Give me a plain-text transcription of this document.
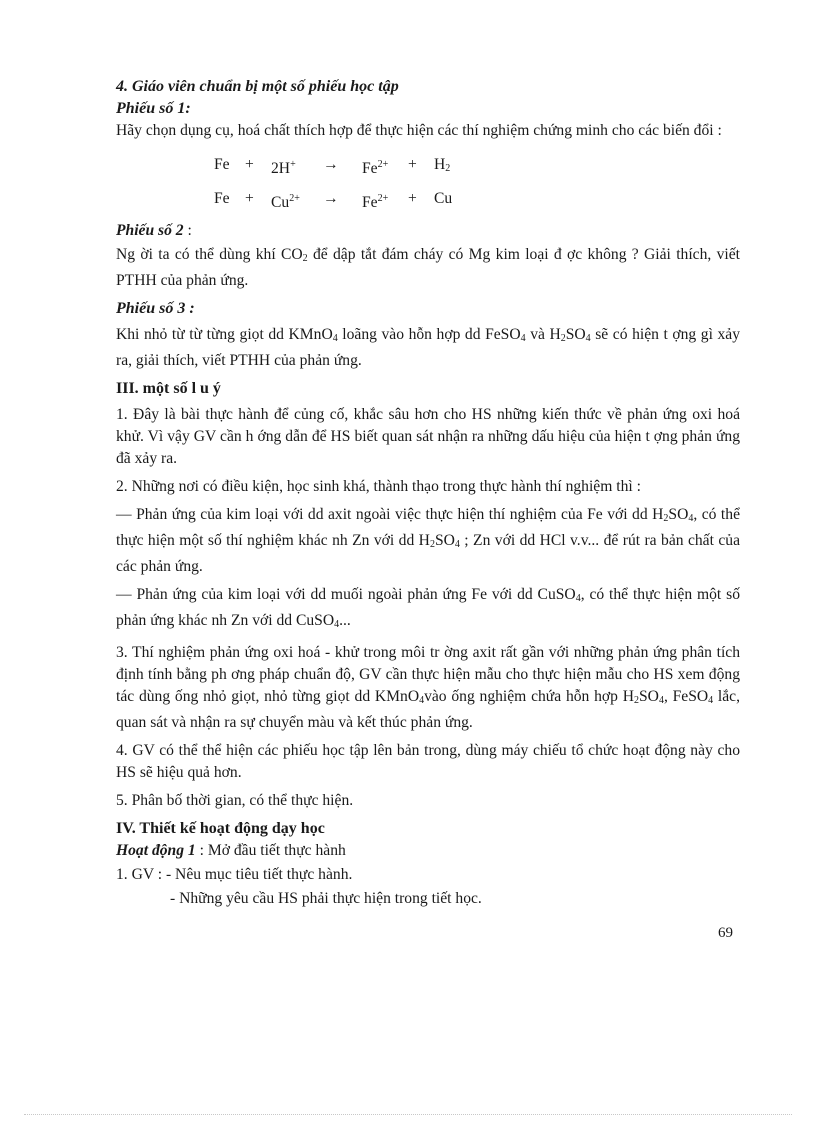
4. Giáo viên chuẩn bị một số phiếu học tập

Phiếu số 1:

Hãy chọn dụng cụ, hoá chất thích hợp để thực hiện các thí nghiệm chứng minh cho các biến đổi :

$Fe + 2H^+ \to Fe^{2+} + H_2$
$Fe + Cu^{2+} \to Fe^{2+} + Cu$

Phiếu số 2 :

Ng ời ta có thể dùng khí $CO_2$ để dập tắt đám cháy có Mg kim loại đ ợc không ? Giải thích, viết PTHH của phản ứng.

Phiếu số 3 :

Khi nhỏ từ từ từng giọt dd KMnO$_4$ loãng vào hỗn hợp dd FeSO$_4$ và $H_2SO_4$ sẽ có hiện t ợng gì xảy ra, giải thích, viết PTHH của phản ứng.

III. một số l u ý

1. Đây là bài thực hành để củng cố, khắc sâu hơn cho HS những kiến thức về phản ứng oxi hoá khử. Vì vậy GV cần h ớng dẫn để HS biết quan sát nhận ra những dấu hiệu của hiện t ợng phản ứng đã xảy ra.

2. Những nơi có điều kiện, học sinh khá, thành thạo trong thực hành thí nghiệm thì :

— Phản ứng của kim loại với dd axit ngoài việc thực hiện thí nghiệm của Fe với dd $H_2SO_4$, có thể thực hiện một số thí nghiệm khác nh Zn với dd $H_2SO_4$ ; Zn với dd HCl v.v... để rút ra bản chất của các phản ứng.

— Phản ứng của kim loại với dd muối ngoài phản ứng Fe với dd CuSO$_4$, có thể thực hiện một số phản ứng khác nh Zn với dd CuSO$_4$...

3. Thí nghiệm phản ứng oxi hoá - khử trong môi tr ờng axit rất gần với những phản ứng phân tích định tính bằng ph ơng pháp chuẩn độ, GV cần thực hiện mẫu cho thực hiện mẫu cho HS xem động tác dùng ống nhỏ giọt, nhỏ từng giọt dd KMnO$_4$vào ống nghiệm chứa hỗn hợp $H_2SO_4$, FeSO$_4$ lắc, quan sát và nhận ra sự chuyển màu và kết thúc phản ứng.

4. GV có thể thể hiện các phiếu học tập lên bản trong, dùng máy chiếu tổ chức hoạt động này cho HS sẽ hiệu quả hơn.

5. Phân bố thời gian, có thể thực hiện.

IV. Thiết kế hoạt động dạy học

Hoạt động 1 : Mở đầu tiết thực hành

1. GV : - Nêu mục tiêu tiết thực hành.

- Những yêu cầu HS phải thực hiện trong tiết học.

69
